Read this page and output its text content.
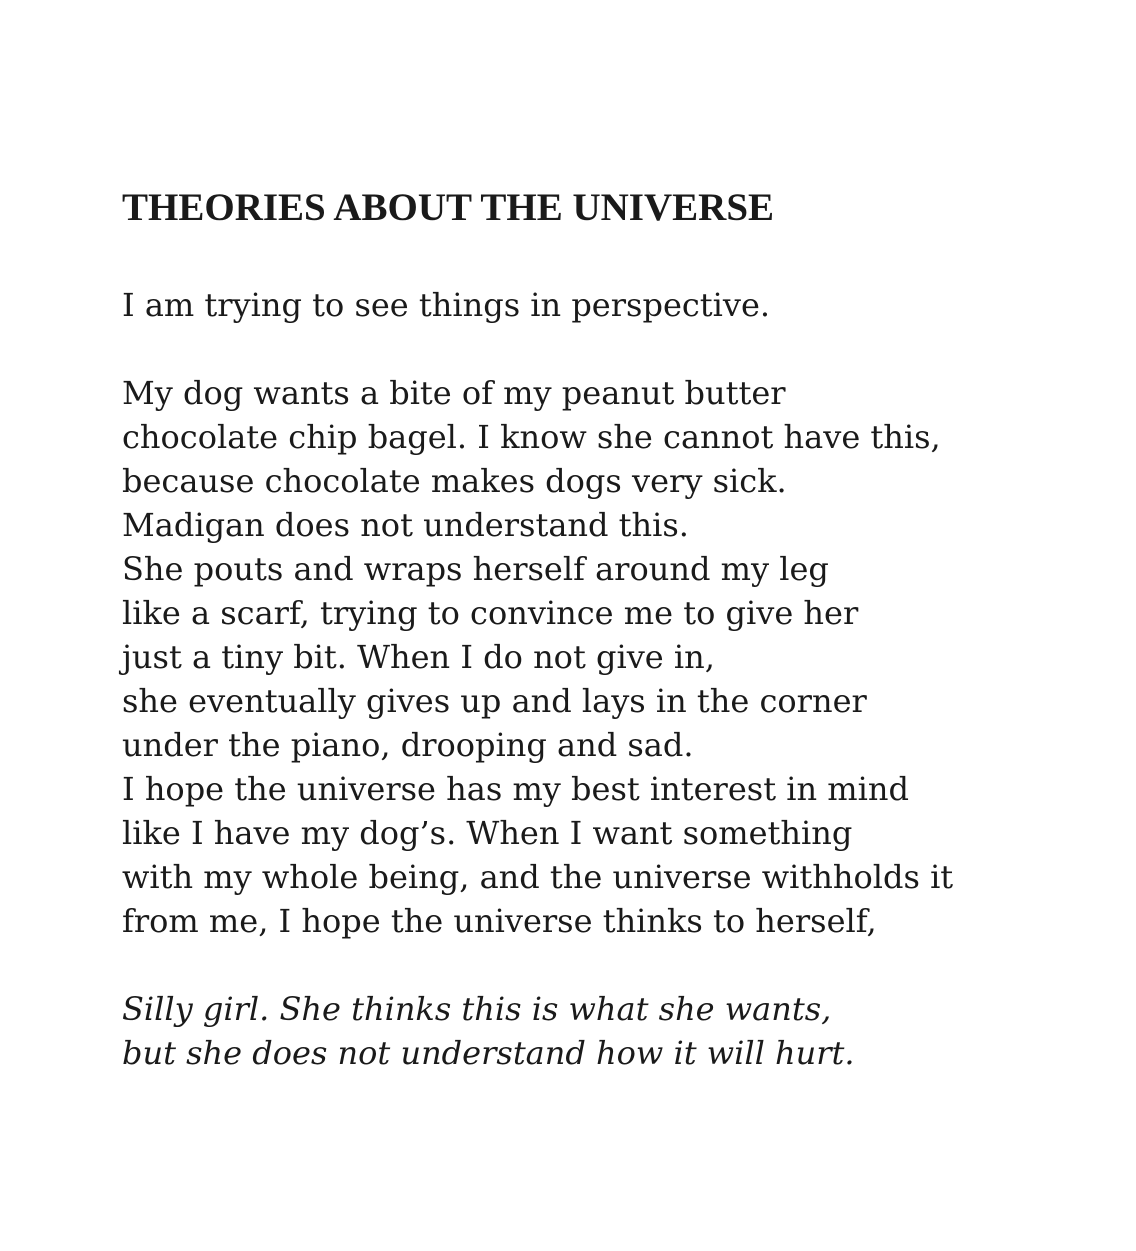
THEORIES ABOUT THE UNIVERSE

I am trying to see things in perspective.

My dog wants a bite of my peanut butter
chocolate chip bagel. I know she cannot have this,
because chocolate makes dogs very sick.
Madigan does not understand this.
She pouts and wraps herself around my leg
like a scarf, trying to convince me to give her
just a tiny bit. When I do not give in,
she eventually gives up and lays in the corner
under the piano, drooping and sad.
I hope the universe has my best interest in mind
like I have my dog’s. When I want something
with my whole being, and the universe withholds it
from me, I hope the universe thinks to herself,

Silly girl. She thinks this is what she wants,
but she does not understand how it will hurt.
